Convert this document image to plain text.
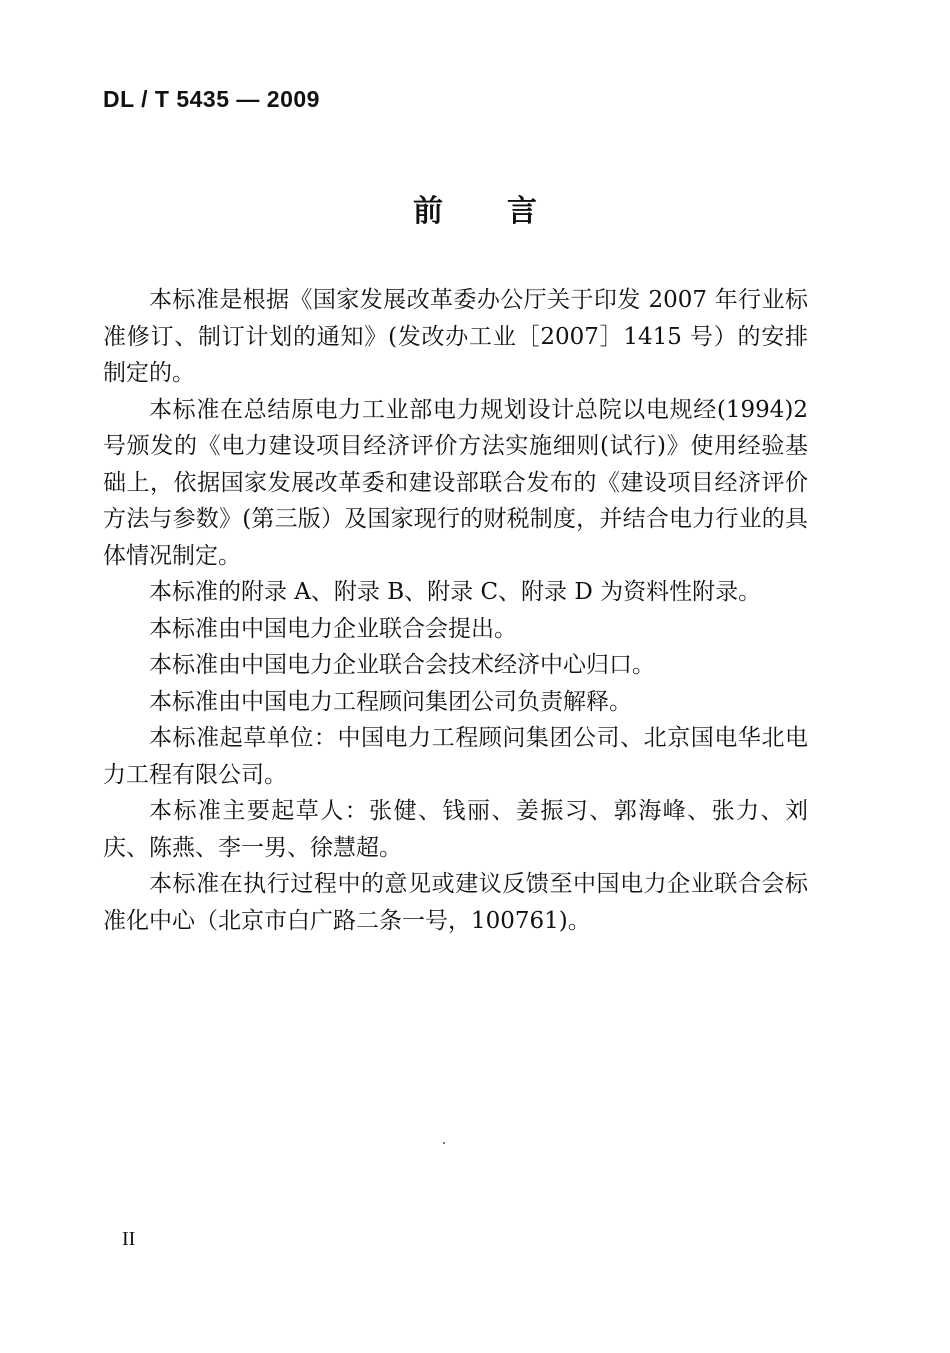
DL / T 5435 — 2009
前 言

本标准是根据《国家发展改革委办公厅关于印发 2007 年行业标准修订、制订计划的通知》(发改办工业［2007］1415 号）的安排制定的。

本标准在总结原电力工业部电力规划设计总院以电规经(1994)2 号颁发的《电力建设项目经济评价方法实施细则(试行)》使用经验基础上，依据国家发展改革委和建设部联合发布的《建设项目经济评价方法与参数》(第三版）及国家现行的财税制度，并结合电力行业的具体情况制定。

本标准的附录 A、附录 B、附录 C、附录 D 为资料性附录。

本标准由中国电力企业联合会提出。

本标准由中国电力企业联合会技术经济中心归口。

本标准由中国电力工程顾问集团公司负责解释。

本标准起草单位：中国电力工程顾问集团公司、北京国电华北电力工程有限公司。

本标准主要起草人：张健、钱丽、姜振习、郭海峰、张力、刘庆、陈燕、李一男、徐慧超。

本标准在执行过程中的意见或建议反馈至中国电力企业联合会标准化中心（北京市白广路二条一号，100761)。

II
